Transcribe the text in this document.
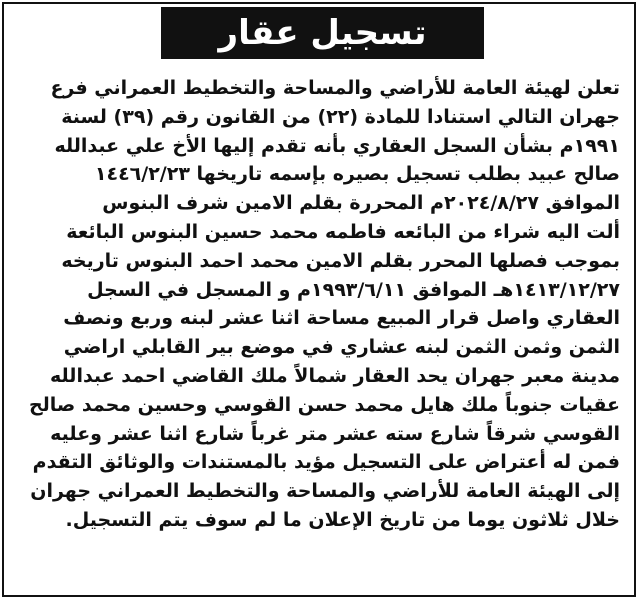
تسجيل عقار
تعلن لهيئة العامة للأراضي والمساحة والتخطيط العمراني فرع
جهران التالي استنادا للمادة (٢٢) من القانون رقم (٣٩) لسنة
١٩٩١م بشأن السجل العقاري بأنه تقدم إليها الأخ علي عبدالله
صالح عبيد بطلب تسجيل بصيره بإسمه تاريخها ١٤٤٦/٢/٢٣
الموافق ٢٠٢٤/٨/٢٧م المحررة بقلم الامين شرف البنوس
ألت اليه شراء من البائعه فاطمه محمد حسين البنوس البائعة
بموجب فصلها المحرر بقلم الامين محمد احمد البنوس تاريخه
١٤١٣/١٢/٢٧هـ الموافق ١٩٩٣/٦/١١م و المسجل في السجل
العقاري واصل قرار المبيع مساحة اثنا عشر لبنه وربع ونصف
الثمن وثمن الثمن لبنه عشاري في موضع بير القابلي اراضي
مدينة معبر جهران يحد العقار شمالاً ملك القاضي احمد عبدالله
عقيات جنوباً ملك هايل محمد حسن القوسي وحسين محمد صالح
القوسي شرقاً شارع سته عشر متر غرباً شارع اثنا عشر وعليه
فمن له أعتراض على التسجيل مؤيد بالمستندات والوثائق التقدم
إلى الهيئة العامة للأراضي والمساحة والتخطيط العمراني جهران
خلال ثلاثون يوما من تاريخ الإعلان ما لم سوف يتم التسجيل.
